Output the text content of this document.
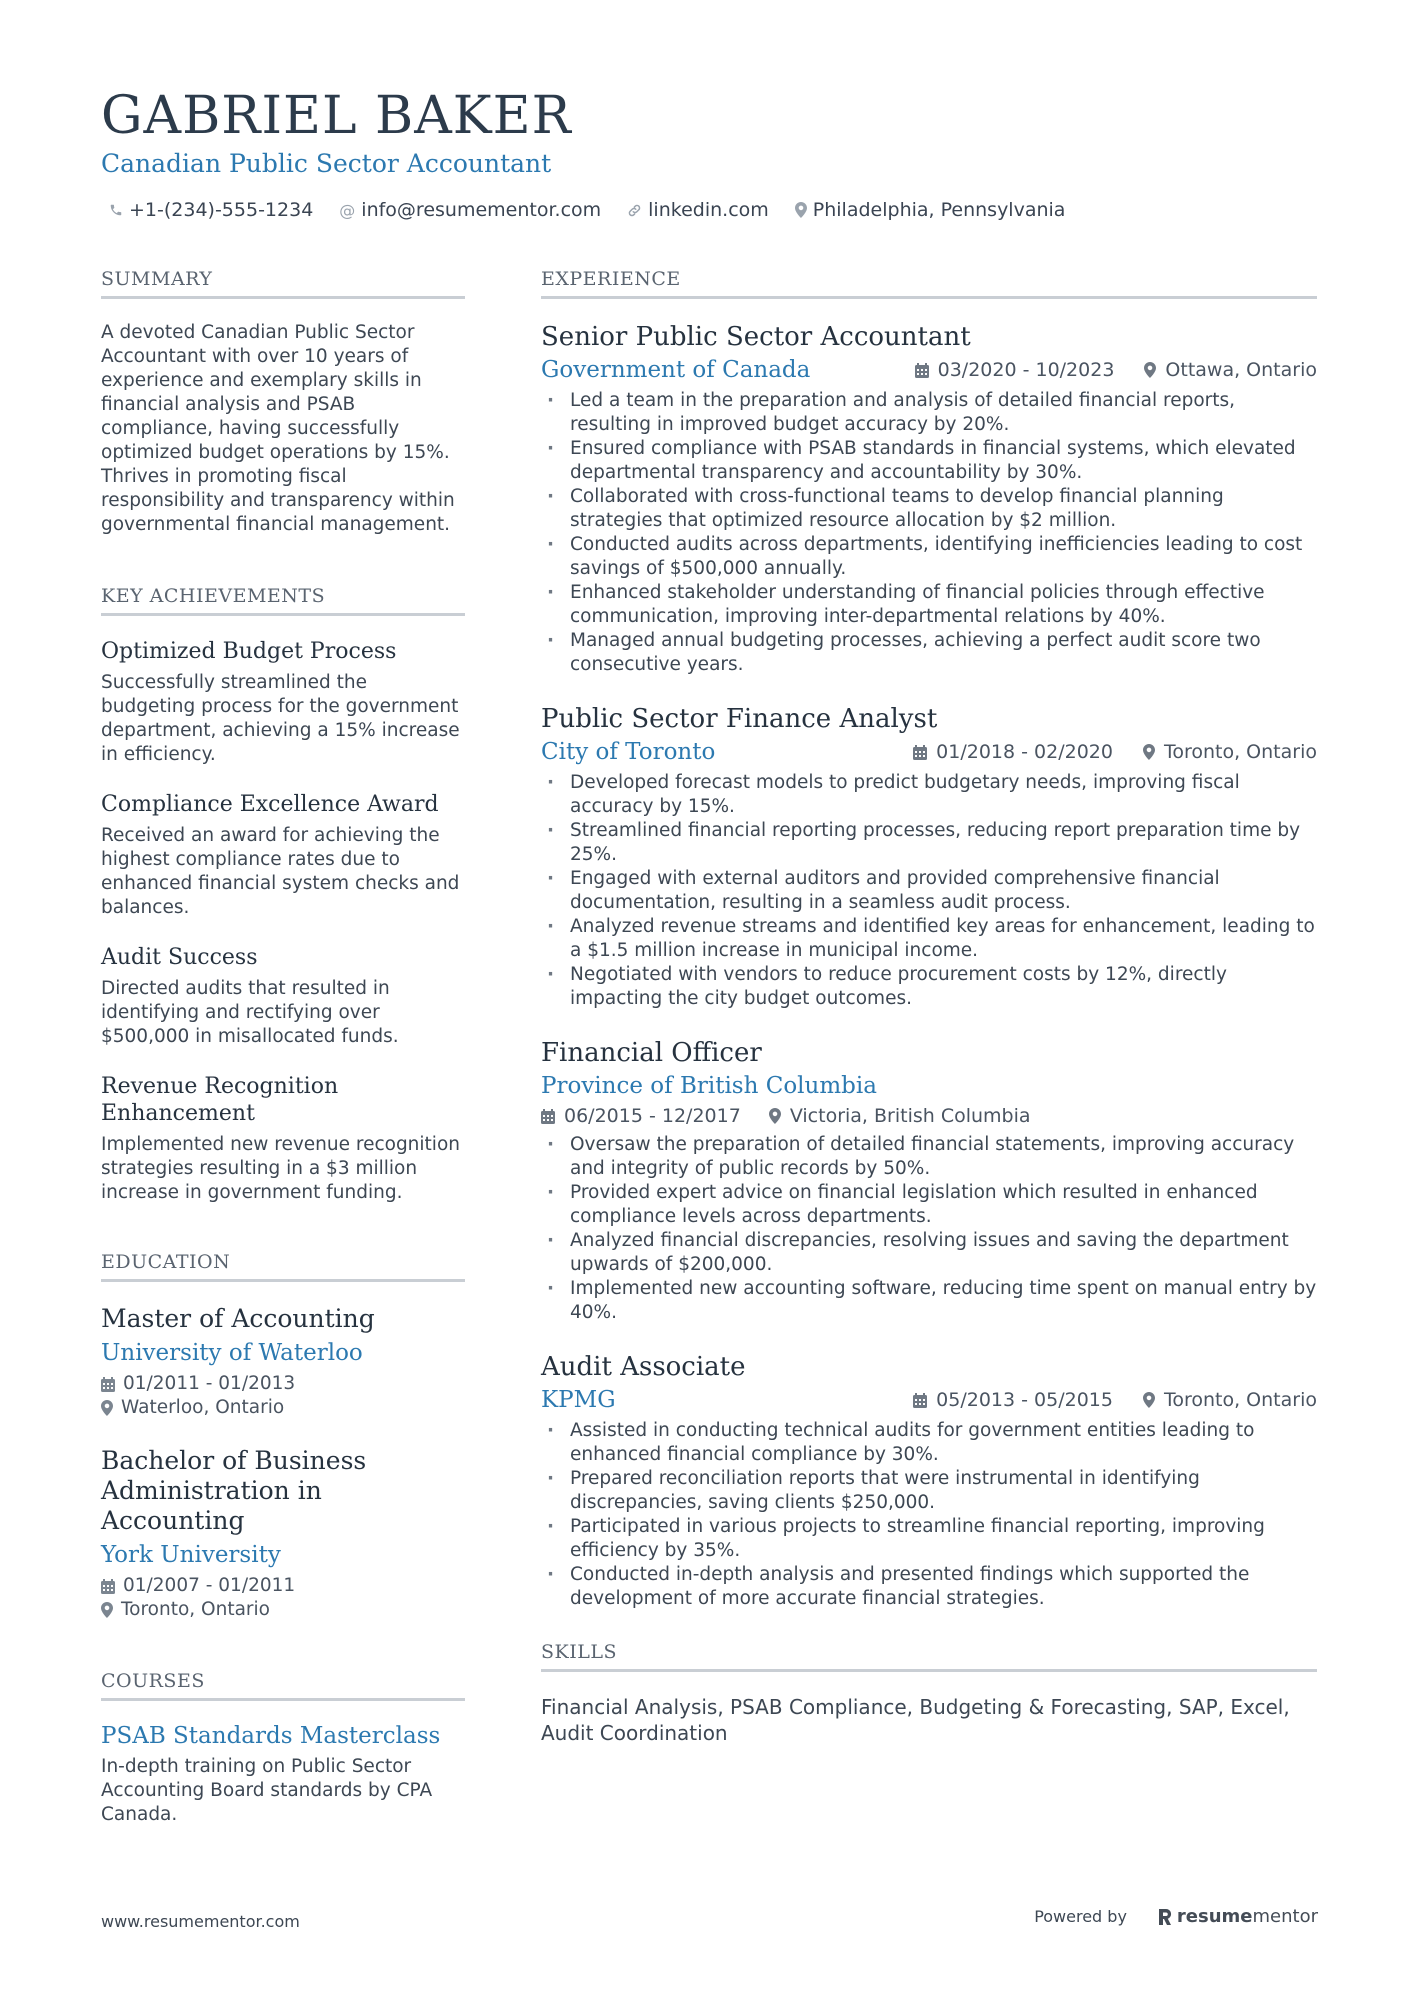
GABRIEL BAKER
Canadian Public Sector Accountant
+1-(234)-555-1234 @ info@resumementor.com linkedin.com Philadelphia, Pennsylvania
SUMMARY
A devoted Canadian Public Sector Accountant with over 10 years of experience and exemplary skills in financial analysis and PSAB compliance, having successfully optimized budget operations by 15%. Thrives in promoting fiscal responsibility and transparency within governmental financial management.
KEY ACHIEVEMENTS
Optimized Budget Process
Successfully streamlined the budgeting process for the government department, achieving a 15% increase in efficiency.
Compliance Excellence Award
Received an award for achieving the highest compliance rates due to enhanced financial system checks and balances.
Audit Success
Directed audits that resulted in identifying and rectifying over $500,000 in misallocated funds.
Revenue Recognition Enhancement
Implemented new revenue recognition strategies resulting in a $3 million increase in government funding.
EDUCATION
Master of Accounting
University of Waterloo
01/2011 - 01/2013
Waterloo, Ontario
Bachelor of Business Administration in Accounting
York University
01/2007 - 01/2011
Toronto, Ontario
COURSES
PSAB Standards Masterclass
In-depth training on Public Sector Accounting Board standards by CPA Canada.
EXPERIENCE
Senior Public Sector Accountant
Government of Canada	03/2020 - 10/2023	Ottawa, Ontario
· Led a team in the preparation and analysis of detailed financial reports, resulting in improved budget accuracy by 20%.
· Ensured compliance with PSAB standards in financial systems, which elevated departmental transparency and accountability by 30%.
· Collaborated with cross-functional teams to develop financial planning strategies that optimized resource allocation by $2 million.
· Conducted audits across departments, identifying inefficiencies leading to cost savings of $500,000 annually.
· Enhanced stakeholder understanding of financial policies through effective communication, improving inter-departmental relations by 40%.
· Managed annual budgeting processes, achieving a perfect audit score two consecutive years.
Public Sector Finance Analyst
City of Toronto	01/2018 - 02/2020	Toronto, Ontario
· Developed forecast models to predict budgetary needs, improving fiscal accuracy by 15%.
· Streamlined financial reporting processes, reducing report preparation time by 25%.
· Engaged with external auditors and provided comprehensive financial documentation, resulting in a seamless audit process.
· Analyzed revenue streams and identified key areas for enhancement, leading to a $1.5 million increase in municipal income.
· Negotiated with vendors to reduce procurement costs by 12%, directly impacting the city budget outcomes.
Financial Officer
Province of British Columbia
06/2015 - 12/2017	Victoria, British Columbia
· Oversaw the preparation of detailed financial statements, improving accuracy and integrity of public records by 50%.
· Provided expert advice on financial legislation which resulted in enhanced compliance levels across departments.
· Analyzed financial discrepancies, resolving issues and saving the department upwards of $200,000.
· Implemented new accounting software, reducing time spent on manual entry by 40%.
Audit Associate
KPMG	05/2013 - 05/2015	Toronto, Ontario
· Assisted in conducting technical audits for government entities leading to enhanced financial compliance by 30%.
· Prepared reconciliation reports that were instrumental in identifying discrepancies, saving clients $250,000.
· Participated in various projects to streamline financial reporting, improving efficiency by 35%.
· Conducted in-depth analysis and presented findings which supported the development of more accurate financial strategies.
SKILLS
Financial Analysis, PSAB Compliance, Budgeting & Forecasting, SAP, Excel, Audit Coordination
www.resumementor.com	Powered by	resume mentor
